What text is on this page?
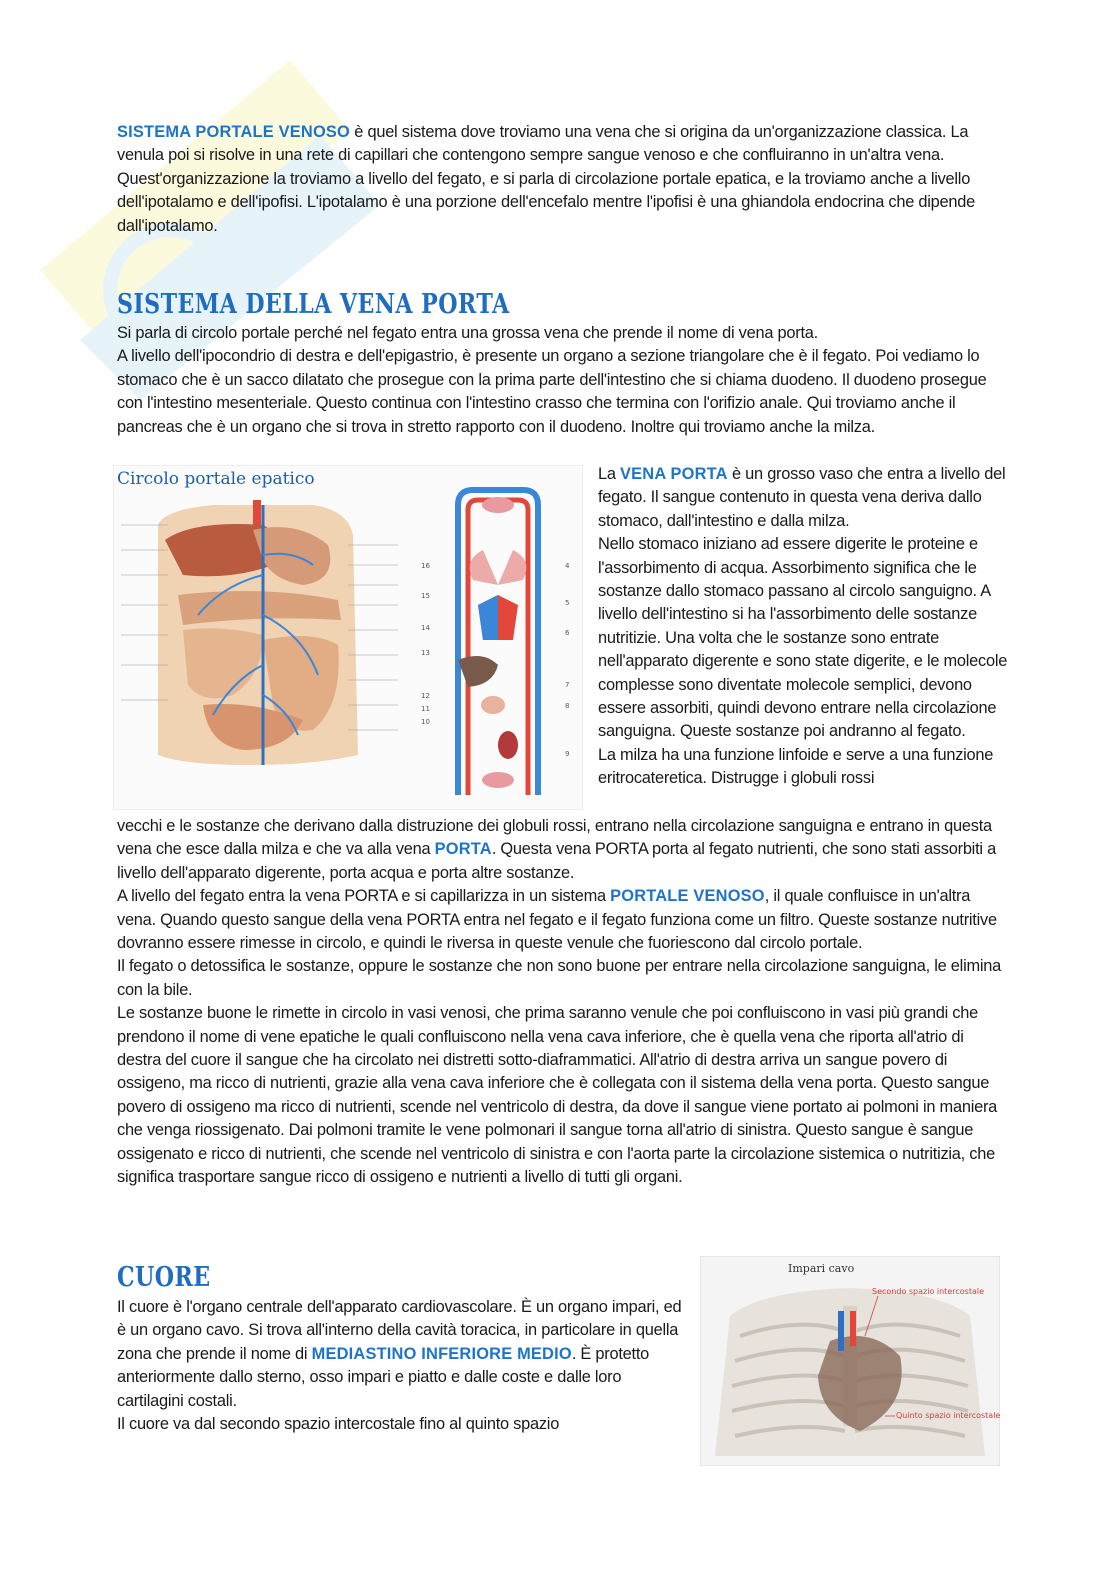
SISTEMA PORTALE VENOSO è quel sistema dove troviamo una vena che si origina da un'organizzazione classica. La venula poi si risolve in una rete di capillari che contengono sempre sangue venoso e che confluiranno in un'altra vena.

Quest'organizzazione la troviamo a livello del fegato, e si parla di circolazione portale epatica, e la troviamo anche a livello dell'ipotalamo e dell'ipofisi. L'ipotalamo è una porzione dell'encefalo mentre l'ipofisi è una ghiandola endocrina che dipende dall'ipotalamo.

SISTEMA DELLA VENA PORTA

Si parla di circolo portale perché nel fegato entra una grossa vena che prende il nome di vena porta.

A livello dell'ipocondrio di destra e dell'epigastrio, è presente un organo a sezione triangolare che è il fegato. Poi vediamo lo stomaco che è un sacco dilatato che prosegue con la prima parte dell'intestino che si chiama duodeno. Il duodeno prosegue con l'intestino mesenteriale. Questo continua con l'intestino crasso che termina con l'orifizio anale. Qui troviamo anche il pancreas che è un organo che si trova in stretto rapporto con il duodeno. Inoltre qui troviamo anche la milza.

Circolo portale epatico
16
15
14
13
12
11
10
4
5
6
7
8
9

La VENA PORTA è un grosso vaso che entra a livello del fegato. Il sangue contenuto in questa vena deriva dallo stomaco, dall'intestino e dalla milza.

Nello stomaco iniziano ad essere digerite le proteine e l'assorbimento di acqua. Assorbimento significa che le sostanze dallo stomaco passano al circolo sanguigno. A livello dell'intestino si ha l'assorbimento delle sostanze nutritizie. Una volta che le sostanze sono entrate nell'apparato digerente e sono state digerite, e le molecole complesse sono diventate molecole semplici, devono essere assorbiti, quindi devono entrare nella circolazione sanguigna. Queste sostanze poi andranno al fegato.

La milza ha una funzione linfoide e serve a una funzione eritrocateretica. Distrugge i globuli rossi

vecchi e le sostanze che derivano dalla distruzione dei globuli rossi, entrano nella circolazione sanguigna e entrano in questa vena che esce dalla milza e che va alla vena PORTA. Questa vena PORTA porta al fegato nutrienti, che sono stati assorbiti a livello dell'apparato digerente, porta acqua e porta altre sostanze.

A livello del fegato entra la vena PORTA e si capillarizza in un sistema PORTALE VENOSO, il quale confluisce in un'altra vena. Quando questo sangue della vena PORTA entra nel fegato e il fegato funziona come un filtro. Queste sostanze nutritive dovranno essere rimesse in circolo, e quindi le riversa in queste venule che fuoriescono dal circolo portale.

Il fegato o detossifica le sostanze, oppure le sostanze che non sono buone per entrare nella circolazione sanguigna, le elimina con la bile.

Le sostanze buone le rimette in circolo in vasi venosi, che prima saranno venule che poi confluiscono in vasi più grandi che prendono il nome di vene epatiche le quali confluiscono nella vena cava inferiore, che è quella vena che riporta all'atrio di destra del cuore il sangue che ha circolato nei distretti sotto-diaframmatici. All'atrio di destra arriva un sangue povero di ossigeno, ma ricco di nutrienti, grazie alla vena cava inferiore che è collegata con il sistema della vena porta. Questo sangue povero di ossigeno ma ricco di nutrienti, scende nel ventricolo di destra, da dove il sangue viene portato ai polmoni in maniera che venga riossigenato. Dai polmoni tramite le vene polmonari il sangue torna all'atrio di sinistra. Questo sangue è sangue ossigenato e ricco di nutrienti, che scende nel ventricolo di sinistra e con l'aorta parte la circolazione sistemica o nutritizia, che significa trasportare sangue ricco di ossigeno e nutrienti a livello di tutti gli organi.

CUORE

Il cuore è l'organo centrale dell'apparato cardiovascolare. È un organo impari, ed è un organo cavo. Si trova all'interno della cavità toracica, in particolare in quella zona che prende il nome di MEDIASTINO INFERIORE MEDIO. È protetto anteriormente dallo sterno, osso impari e piatto e dalle coste e dalle loro cartilagini costali.

Il cuore va dal secondo spazio intercostale fino al quinto spazio

Impari cavo
Secondo spazio intercostale
Quinto spazio intercostale
